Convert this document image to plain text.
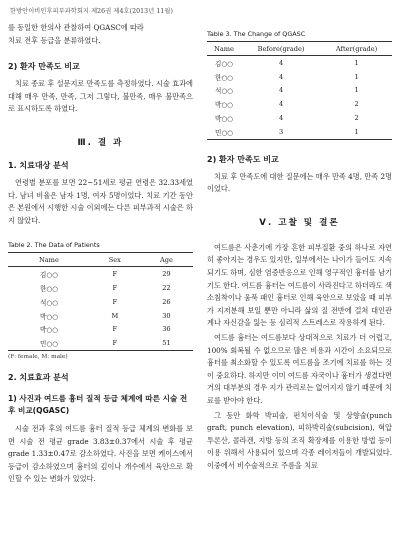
한방안이비인후피부과학회지 제26권 제4호(2013년 11월)

를 동일한 한의사 관찰하여 QGASC에 따라

치료 전후 등급을 분류하였다.

2) 환자 만족도 비교

치료 종료 후 설문지로 만족도를 측정하였다. 시술 효과에 대해 매우 만족, 만족, 그저 그렇다, 불만족, 매우 불만족으로 표시하도록 하였다.

Ⅲ. 결 과
1. 치료대상 분석

연령별 분포를 보면 22~51세로 평균 연령은 32.33세였다. 남녀 비율은 남자 1명, 여자 5명이었다. 치료 기간 동안은 본원에서 시행한 시술 이외에는 다른 피부과적 시술은 하지 않았다.

Table 2. The Data of Patients
Name	Sex	Age
김○○	F	29
한○○	F	22
석○○	F	26
박○○	M	30
박○○	F	36
민○○	F	51
(F: female, M: male)
2. 치료효과 분석
1) 사진과 여드름 흉터 질적 등급 체계에 따른 시술 전후 비교(QGASC)

시술 전과 후의 여드름 흉터 질적 등급 체계의 변화를 보면 시술 전 평균 grade 3.83±0.37에서 시술 후 평균 grade 1.33±0.47로 감소하였다. 사진을 보면 케이스에서 등급이 감소하였으며 흉터의 깊이나 개수에서 육안으로 확인할 수 있는 변화가 있었다.

Table 3. The Change of QGASC
Name	Before(grade)	After(grade)
김○○	4	1
한○○	4	1
석○○	4	1
박○○	4	2
박○○	4	2
민○○	3	1
2) 환자 만족도 비교

치료 후 만족도에 대한 질문에는 매우 만족 4명, 만족 2명이었다.

Ⅴ. 고찰 및 결론

여드름은 사춘기에 가장 흔한 피부질환 중의 하나로 자연히 좋아지는 경우도 있지만, 일부에서는 나이가 들어도 지속되기도 하며, 심한 염증반응으로 인해 영구적인 흉터를 남기기도 한다. 여드름 흉터는 여드름이 사라진다고 하더라도 색소침착이나 움푹 패인 흉터로 인해 육안으로 보았을 때 피부가 지저분해 보일 뿐만 아니라 삶의 질 전반에 걸쳐 대인관계나 자신감을 잃는 등 심리적 스트레스로 작용하게 된다.

여드름 흉터는 여드름보다 상대적으로 치료가 더 어렵고, 100% 회복될 수 없으므로 많은 비용과 시간이 소요되므로 흉터를 최소화할 수 있도록 여드름을 조기에 치료를 하는 것이 중요하다. 하지만 이미 여드름 자국이나 흉터가 생겼다면 거의 대부분의 경우 지가 관리로는 없어지지 않기 때문에 치료를 받아야 한다.

그 동안 화학 박피술, 펀치이식술 및 상향술(punch graft, punch elevation), 피하박리술(subcision), 혁압 투론산, 콜라겐, 지방 등의 조직 확장제를 이용한 방법 등이 이용 위해서 사용되어 있으며 각종 레이저들이 개발되었다. 이중에서 비수술적으로 주름을 치료
